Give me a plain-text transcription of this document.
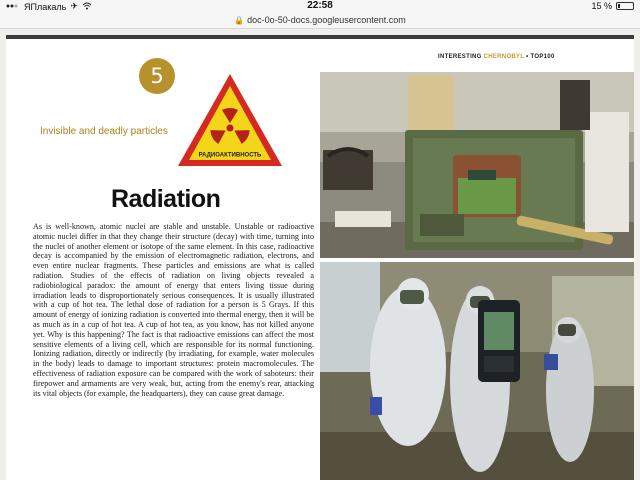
ЯПлакаль ✈	22:58	15 %
🔒 doc-0o-50-docs.googleusercontent.com
INTERESTING CHERNOBYL • TOP100
5
Invisible and deadly particles
РАДИОАКТИВНОСТЬ
Radiation

As is well-known, atomic nuclei are stable and unstable. Unstable or radioactive atomic nuclei differ in that they change their structure (decay) with time, turning into the nuclei of another element or isotope of the same element. In this case, radioactive decay is accompanied by the emission of electromagnetic radiation, electrons, and even entire nuclear fragments. These particles and emissions are what is called radiation. Studies of the effects of radiation on living objects revealed a radiobiological paradox: the amount of energy that enters living tissue during irradiation leads to disproportionately serious consequences. It is usually illustrated with a cup of hot tea. The lethal dose of radiation for a person is 5 Grays. If this amount of energy of ionizing radiation is converted into thermal energy, then it will be as much as in a cup of hot tea. A cup of hot tea, as you know, has not killed anyone yet. Why is this happening? The fact is that radioactive emissions can affect the most sensitive elements of a living cell, which are responsible for its normal functioning. Ionizing radiation, directly or indirectly (by irradiating, for example, water molecules in the body) leads to damage to important structures: protein macromolecules. The effectiveness of radiation exposure can be compared with the work of saboteurs: their firepower and armaments are very weak, but, acting from the enemy's rear, attacking its vital objects (for example, the headquarters), they can cause great damage.
